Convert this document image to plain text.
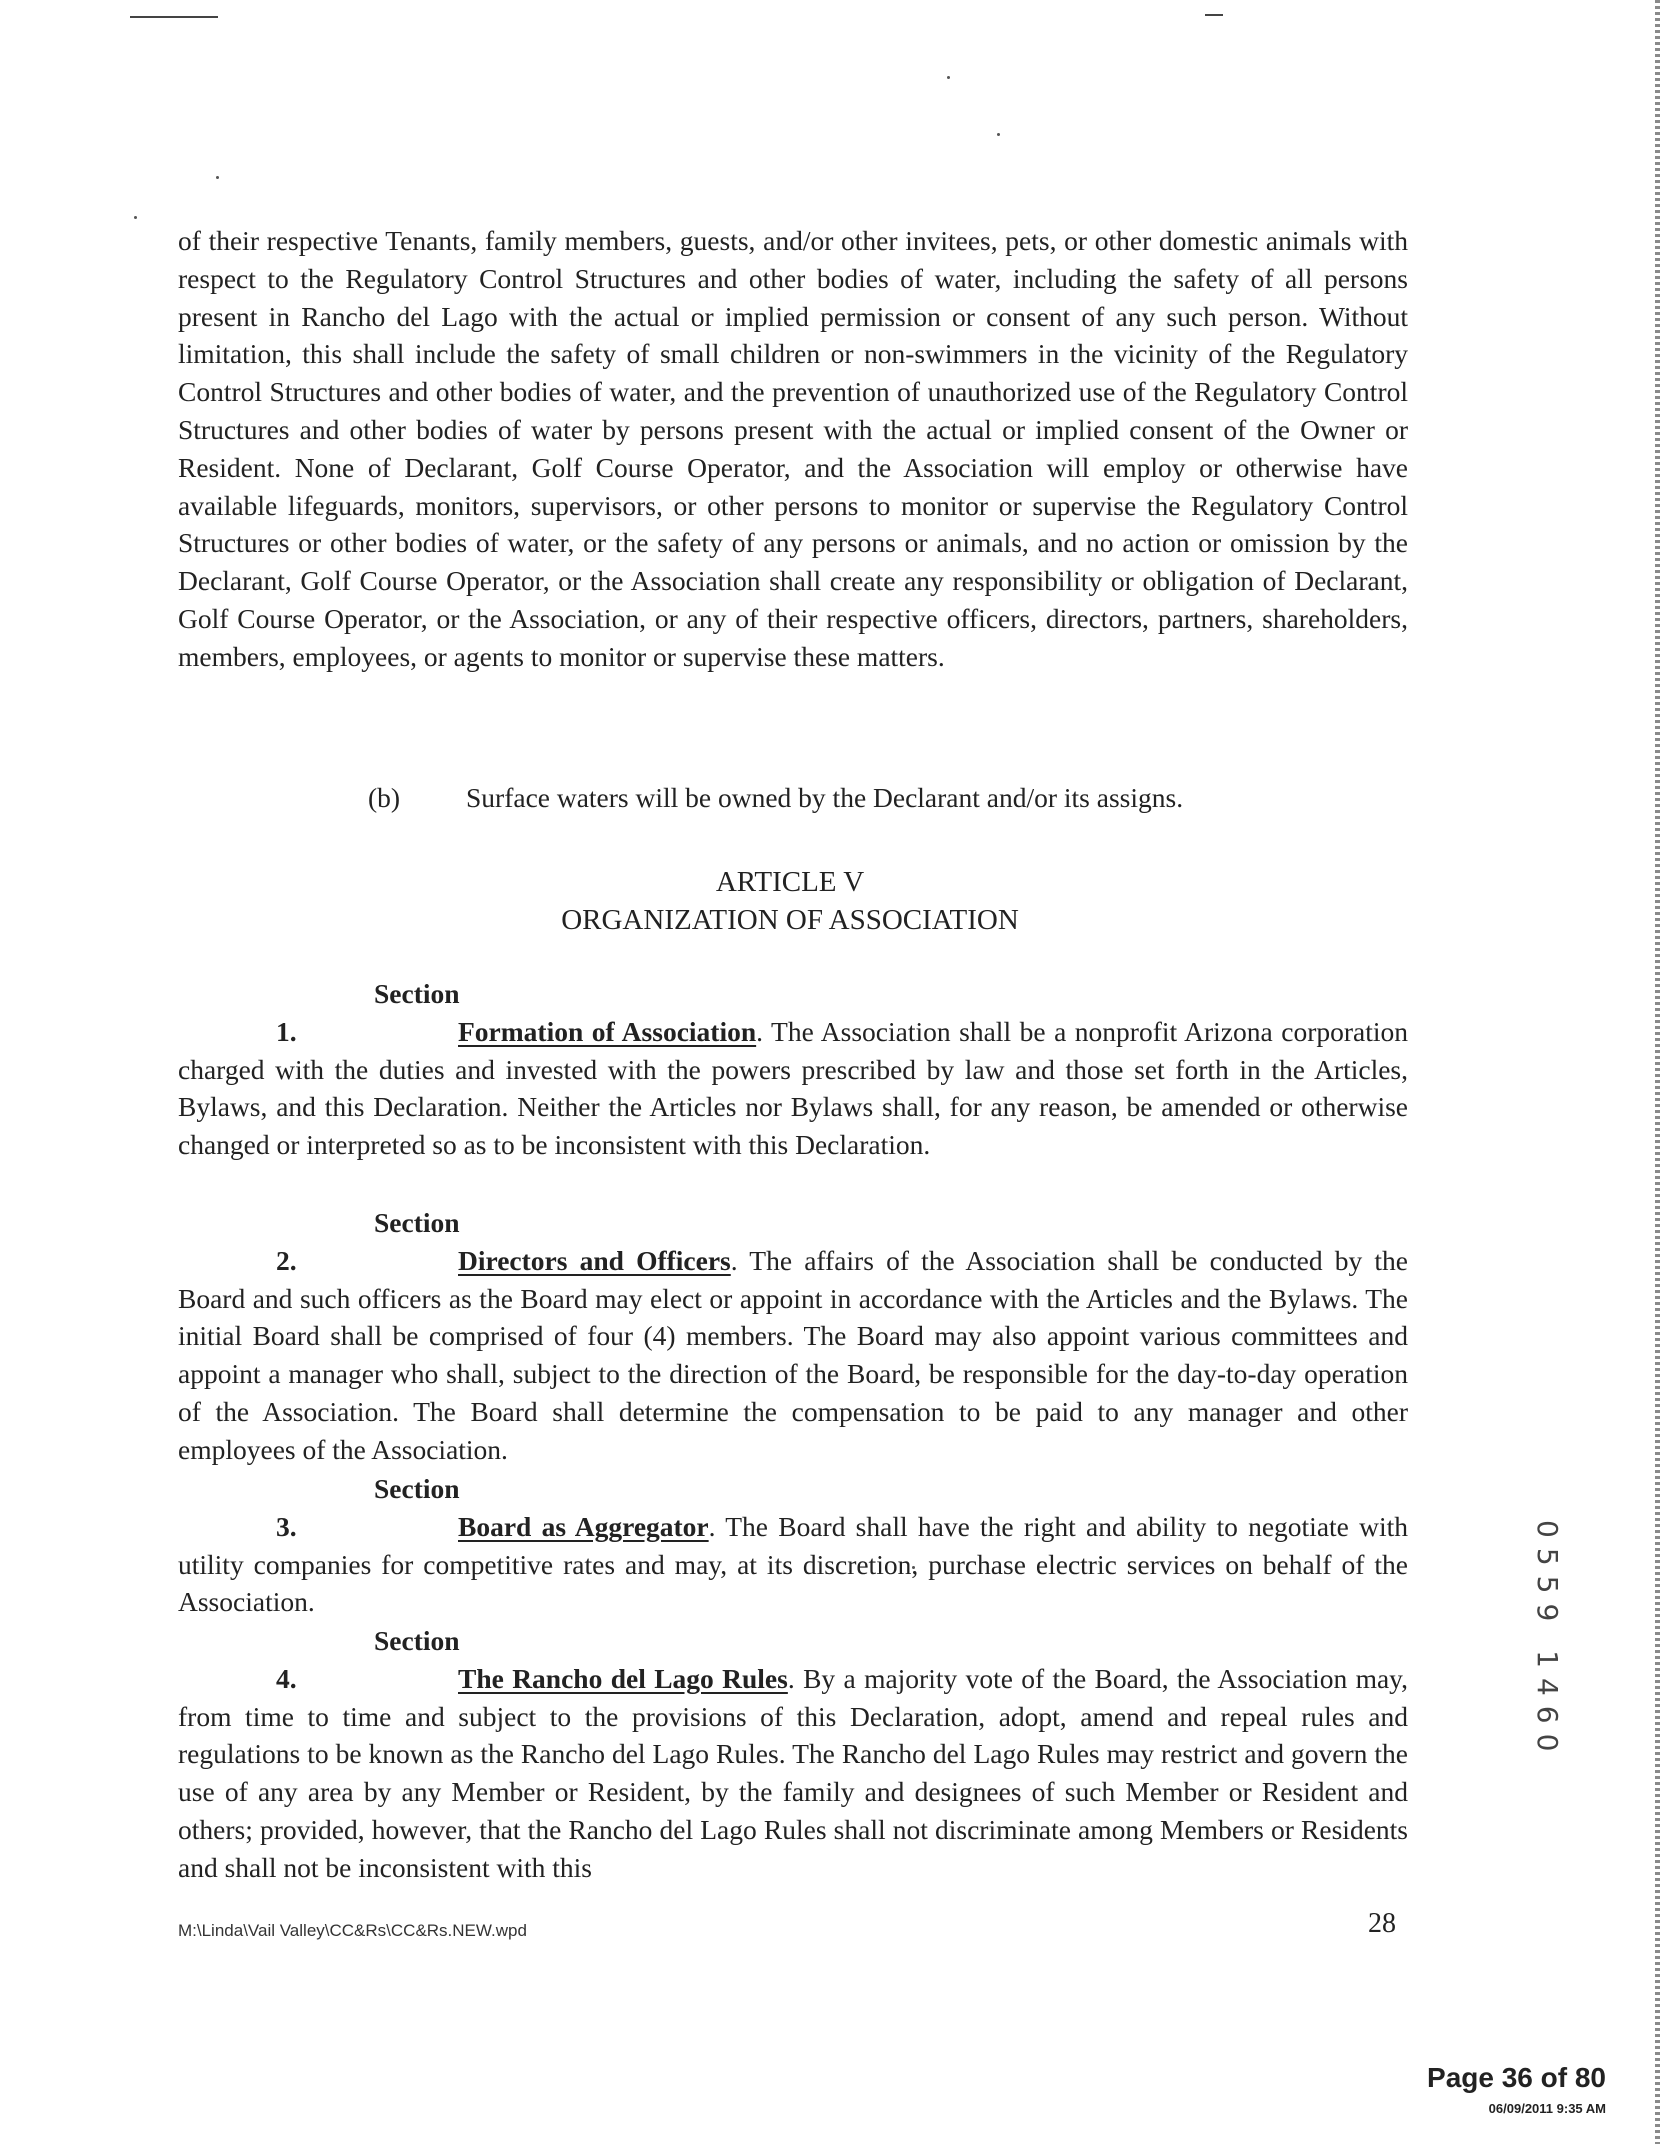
of their respective Tenants, family members, guests, and/or other invitees, pets, or other domestic animals with respect to the Regulatory Control Structures and other bodies of water, including the safety of all persons present in Rancho del Lago with the actual or implied permission or consent of any such person. Without limitation, this shall include the safety of small children or non-swimmers in the vicinity of the Regulatory Control Structures and other bodies of water, and the prevention of unauthorized use of the Regulatory Control Structures and other bodies of water by persons present with the actual or implied consent of the Owner or Resident. None of Declarant, Golf Course Operator, and the Association will employ or otherwise have available lifeguards, monitors, supervisors, or other persons to monitor or supervise the Regulatory Control Structures or other bodies of water, or the safety of any persons or animals, and no action or omission by the Declarant, Golf Course Operator, or the Association shall create any responsibility or obligation of Declarant, Golf Course Operator, or the Association, or any of their respective officers, directors, partners, shareholders, members, employees, or agents to monitor or supervise these matters.

(b) Surface waters will be owned by the Declarant and/or its assigns.
ARTICLE V
ORGANIZATION OF ASSOCIATION

Section 1.	Formation of Association. The Association shall be a nonprofit Arizona corporation charged with the duties and invested with the powers prescribed by law and those set forth in the Articles, Bylaws, and this Declaration. Neither the Articles nor Bylaws shall, for any reason, be amended or otherwise changed or interpreted so as to be inconsistent with this Declaration.

Section 2.	Directors and Officers. The affairs of the Association shall be conducted by the Board and such officers as the Board may elect or appoint in accordance with the Articles and the Bylaws. The initial Board shall be comprised of four (4) members. The Board may also appoint various committees and appoint a manager who shall, subject to the direction of the Board, be responsible for the day-to-day operation of the Association. The Board shall determine the compensation to be paid to any manager and other employees of the Association.

Section 3.	Board as Aggregator. The Board shall have the right and ability to negotiate with utility companies for competitive rates and may, at its discretion, purchase electric services on behalf of the Association.

Section 4.	The Rancho del Lago Rules. By a majority vote of the Board, the Association may, from time to time and subject to the provisions of this Declaration, adopt, amend and repeal rules and regulations to be known as the Rancho del Lago Rules. The Rancho del Lago Rules may restrict and govern the use of any area by any Member or Resident, by the family and designees of such Member or Resident and others; provided, however, that the Rancho del Lago Rules shall not discriminate among Members or Residents and shall not be inconsistent with this

0559 1460
M:\Linda\Vail Valley\CC&Rs\CC&Rs.NEW.wpd	28
Page 36 of 80
06/09/2011 9:35 AM
